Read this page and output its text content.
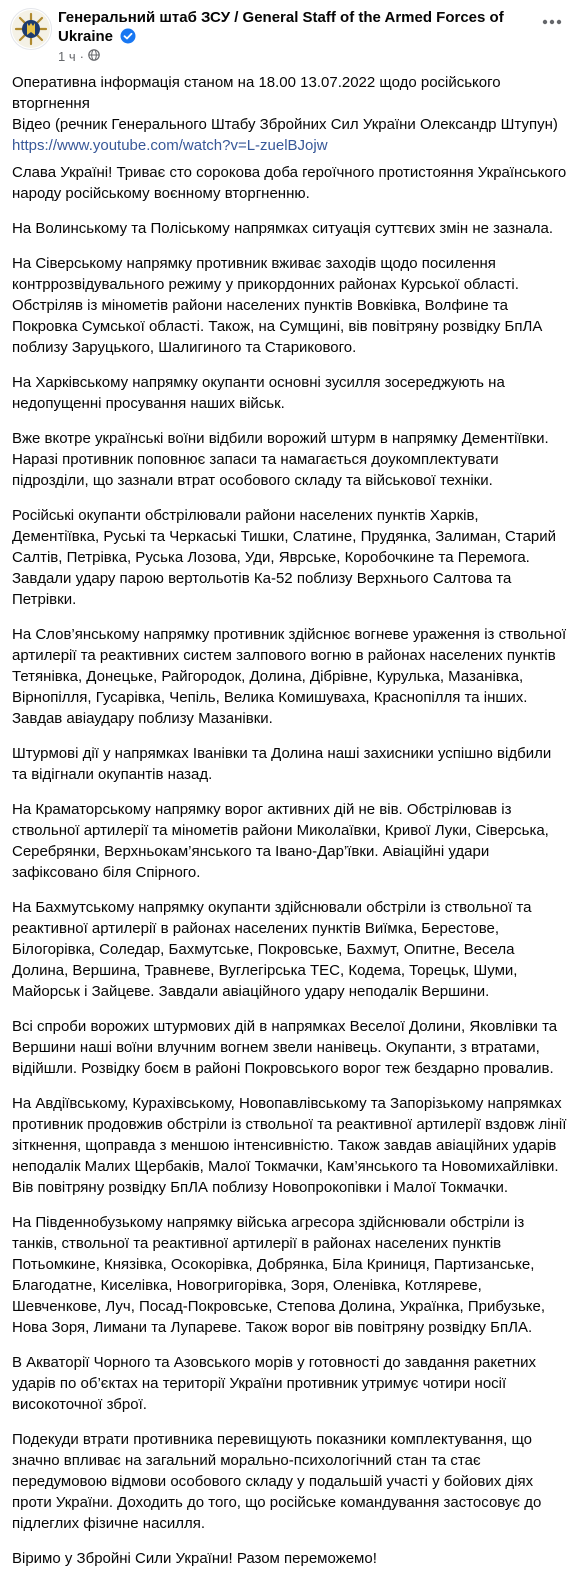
Генеральний штаб ЗСУ / General Staff of the Armed Forces of Ukraine
1 ч ·

Оперативна інформація станом на 18.00 13.07.2022 щодо російського вторгнення
Відео (речник Генерального Штабу Збройних Сил України Олександр Штупун)
https://www.youtube.com/watch?v=L-zuelBJojw

Слава Україні! Триває сто сорокова доба героїчного протистояння Українського народу російському воєнному вторгненню.

На Волинському та Поліському напрямках ситуація суттєвих змін не зазнала.

На Сіверському напрямку противник вживає заходів щодо посилення контррозвідувального режиму у прикордонних районах Курської області. Обстріляв із мінометів райони населених пунктів Вовківка, Волфине та Покровка Сумської області. Також, на Сумщині, вів повітряну розвідку БпЛА поблизу Заруцького, Шалигиного та Старикового.

На Харківському напрямку окупанти основні зусилля зосереджують на недопущенні просування наших військ.

Вже вкотре українські воїни відбили ворожий штурм в напрямку Дементіївки. Наразі противник поповнює запаси та намагається доукомплектувати підрозділи, що зазнали втрат особового складу та військової техніки.

Російські окупанти обстрілювали райони населених пунктів Харків, Дементіївка, Руські та Черкаські Тишки, Слатине, Прудянка, Залиман, Старий Салтів, Петрівка, Руська Лозова, Уди, Яврське, Коробочкине та Перемога. Завдали удару парою вертольотів Ка-52 поблизу Верхнього Салтова та Петрівки.

На Слов’янському напрямку противник здійснює вогневе ураження із ствольної артилерії та реактивних систем залпового вогню в районах населених пунктів Тетянівка, Донецьке, Райгородок, Долина, Дібрівне, Курулька, Мазанівка, Вірнопілля, Гусарівка, Чепіль, Велика Комишуваха, Краснопілля та інших. Завдав авіаудару поблизу Мазанівки.

Штурмові дії у напрямках Іванівки та Долина наші захисники успішно відбили та відігнали окупантів назад.

На Краматорському напрямку ворог активних дій не вів. Обстрілював із ствольної артилерії та мінометів райони Миколаївки, Кривої Луки, Сіверська, Серебрянки, Верхньокам’янського та Івано-Дар’ївки. Авіаційні удари зафіксовано біля Спірного.

На Бахмутському напрямку окупанти здійснювали обстріли із ствольної та реактивної артилерії в районах населених пунктів Виїмка, Берестове, Білогорівка, Соледар, Бахмутське, Покровське, Бахмут, Опитне, Весела Долина, Вершина, Травневе, Вуглегірська ТЕС, Кодема, Торецьк, Шуми, Майорськ і Зайцеве. Завдали авіаційного удару неподалік Вершини.

Всі спроби ворожих штурмових дій в напрямках Веселої Долини, Яковлівки та Вершини наші воїни влучним вогнем звели нанівець. Окупанти, з втратами, відійшли. Розвідку боєм в районі Покровського ворог теж бездарно провалив.

На Авдіївському, Курахівському, Новопавлівському та Запорізькому напрямках противник продовжив обстріли із ствольної та реактивної артилерії вздовж лінії зіткнення, щоправда з меншою інтенсивністю. Також завдав авіаційних ударів неподалік Малих Щербаків, Малої Токмачки, Кам’янського та Новомихайлівки. Вів повітряну розвідку БпЛА поблизу Новопрокопівки і Малої Токмачки.

На Південнобузькому напрямку війська агресора здійснювали обстріли із танків, ствольної та реактивної артилерії в районах населених пунктів Потьомкине, Князівка, Осокорівка, Добрянка, Біла Криниця, Партизанське, Благодатне, Киселівка, Новогригорівка, Зоря, Оленівка, Котляреве, Шевченкове, Луч, Посад-Покровське, Степова Долина, Українка, Прибузьке, Нова Зоря, Лимани та Лупареве. Також ворог вів повітряну розвідку БпЛА.

В Акваторії Чорного та Азовського морів у готовності до завдання ракетних ударів по об’єктах на території України противник утримує чотири носії високоточної зброї.

Подекуди втрати противника перевищують показники комплектування, що значно впливає на загальний морально-психологічний стан та стає передумовою відмови особового складу у подальшій участі у бойових діях проти України. Доходить до того, що російське командування застосовує до підлеглих фізичне насилля.

Віримо у Збройні Сили України! Разом переможемо!
